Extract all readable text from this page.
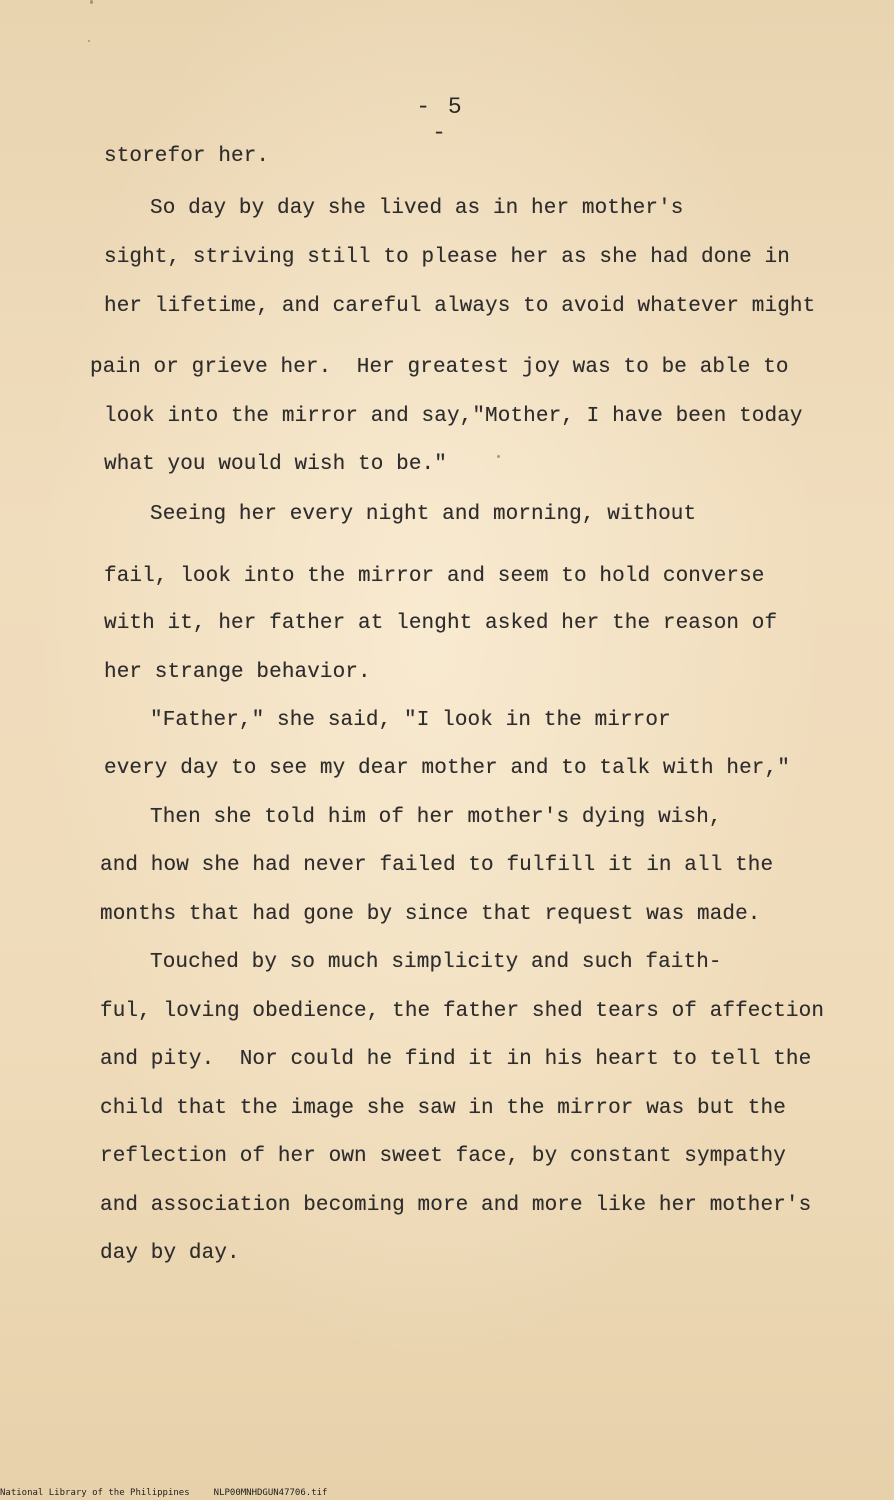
- 5 -
storefor her.
So day by day she lived as in her mother's
sight, striving still to please her as she had done in
her lifetime, and careful always to avoid whatever might
pain or grieve her.  Her greatest joy was to be able to
look into the mirror and say,"Mother, I have been today
what you would wish to be."
Seeing her every night and morning, without
fail, look into the mirror and seem to hold converse
with it, her father at lenght asked her the reason of
her strange behavior.
"Father," she said, "I look in the mirror
every day to see my dear mother and to talk with her,"
Then she told him of her mother's dying wish,
and how she had never failed to fulfill it in all the
months that had gone by since that request was made.
Touched by so much simplicity and such faith-
ful, loving obedience, the father shed tears of affection
and pity.  Nor could he find it in his heart to tell the
child that the image she saw in the mirror was but the
reflection of her own sweet face, by constant sympathy
and association becoming more and more like her mother's
day by day.
National Library of the Philippines	NLP00MNHDGUN47706.tif
